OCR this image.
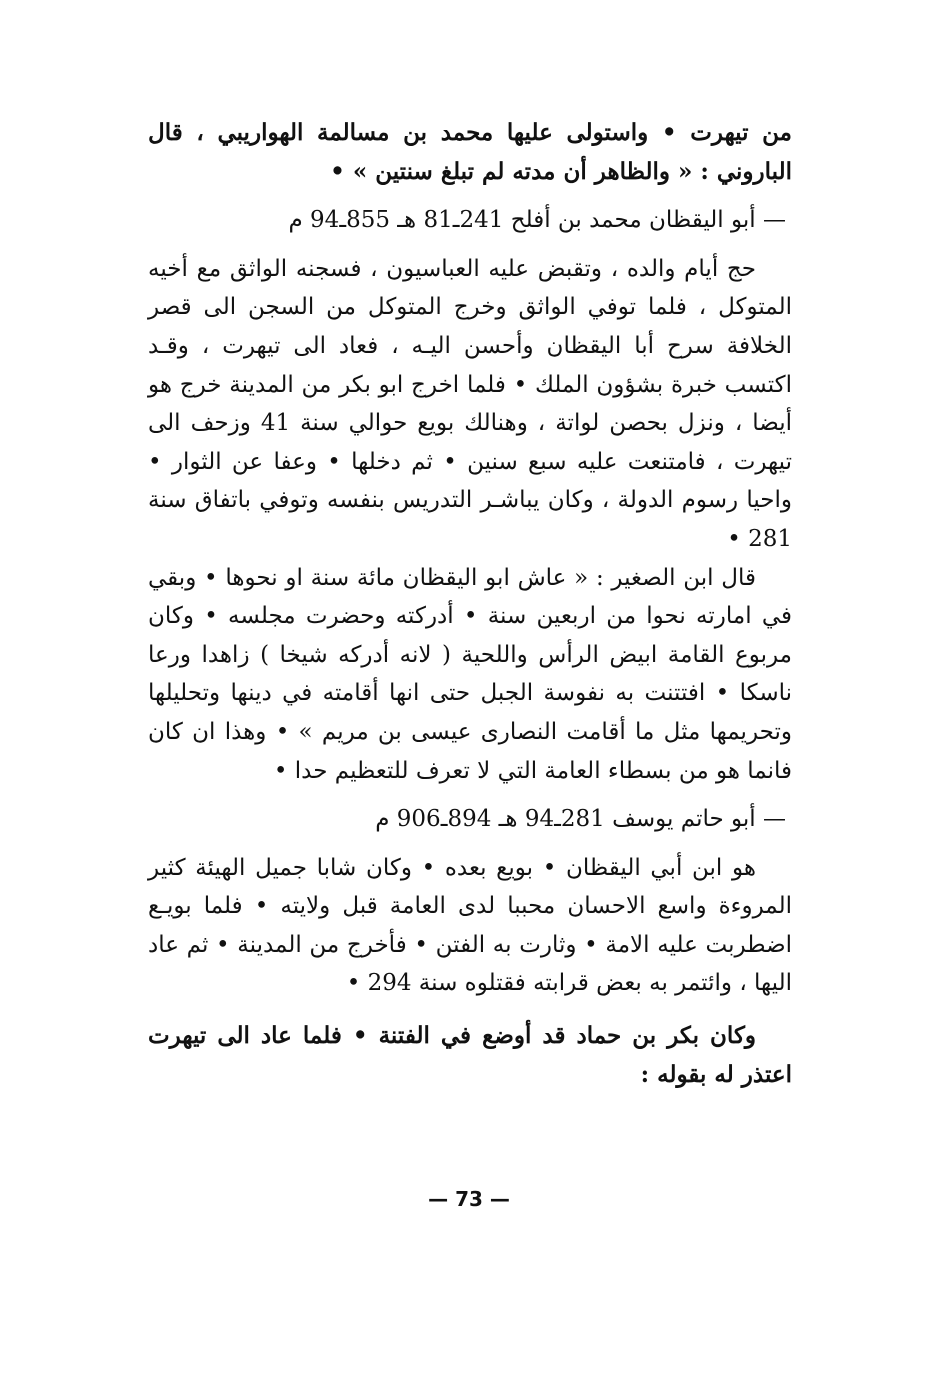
من تيهرت • واستولى عليها محمد بن مسالمة الهواريبي ، قال الباروني : « والظاهر أن مدته لم تبلغ سنتين » •

— أبو اليقظان محمد بن أفلح 241ـ81 هـ 855ـ94 م

حج أيام والده ، وتقبض عليه العباسيون ، فسجنه الواثق مع أخيه المتوكل ، فلما توفي الواثق وخرج المتوكل من السجن الى قصر الخلافة سرح أبا اليقظان وأحسن اليـه ، فعاد الى تيهرت ، وقـد اكتسب خبرة بشؤون الملك • فلما اخرج ابو بكر من المدينة خرج هو أيضا ، ونزل بحصن لواتة ، وهنالك بويع حوالي سنة 41 وزحف الى تيهرت ، فامتنعت عليه سبع سنين • ثم دخلها • وعفا عن الثوار • واحيا رسوم الدولة ، وكان يباشـر التدريس بنفسه وتوفي باتفاق سنة 281 •

قال ابن الصغير : « عاش ابو اليقظان مائة سنة او نحوها • وبقي في امارته نحوا من اربعين سنة • أدركته وحضرت مجلسه • وكان مربوع القامة ابيض الرأس واللحية ( لانه أدركه شيخا ) زاهدا ورعا ناسكا • افتتنت به نفوسة الجبل حتى انها أقامته في دينها وتحليلها وتحريمها مثل ما أقامت النصارى عيسى بن مريم » • وهذا ان كان فانما هو من بسطاء العامة التي لا تعرف للتعظيم حدا •

— أبو حاتم يوسف 281ـ94 هـ 894ـ906 م

هو ابن أبي اليقظان • بويع بعده • وكان شابا جميل الهيئة كثير المروءة واسع الاحسان محببا لدى العامة قبل ولايته • فلما بويـع اضطربت عليه الامة • وثارت به الفتن • فأخرج من المدينة • ثم عاد اليها ، وائتمر به بعض قرابته فقتلوه سنة 294 •

وكان بكر بن حماد قد أوضع في الفتنة • فلما عاد الى تيهرت اعتذر له بقوله :

— 73 —
